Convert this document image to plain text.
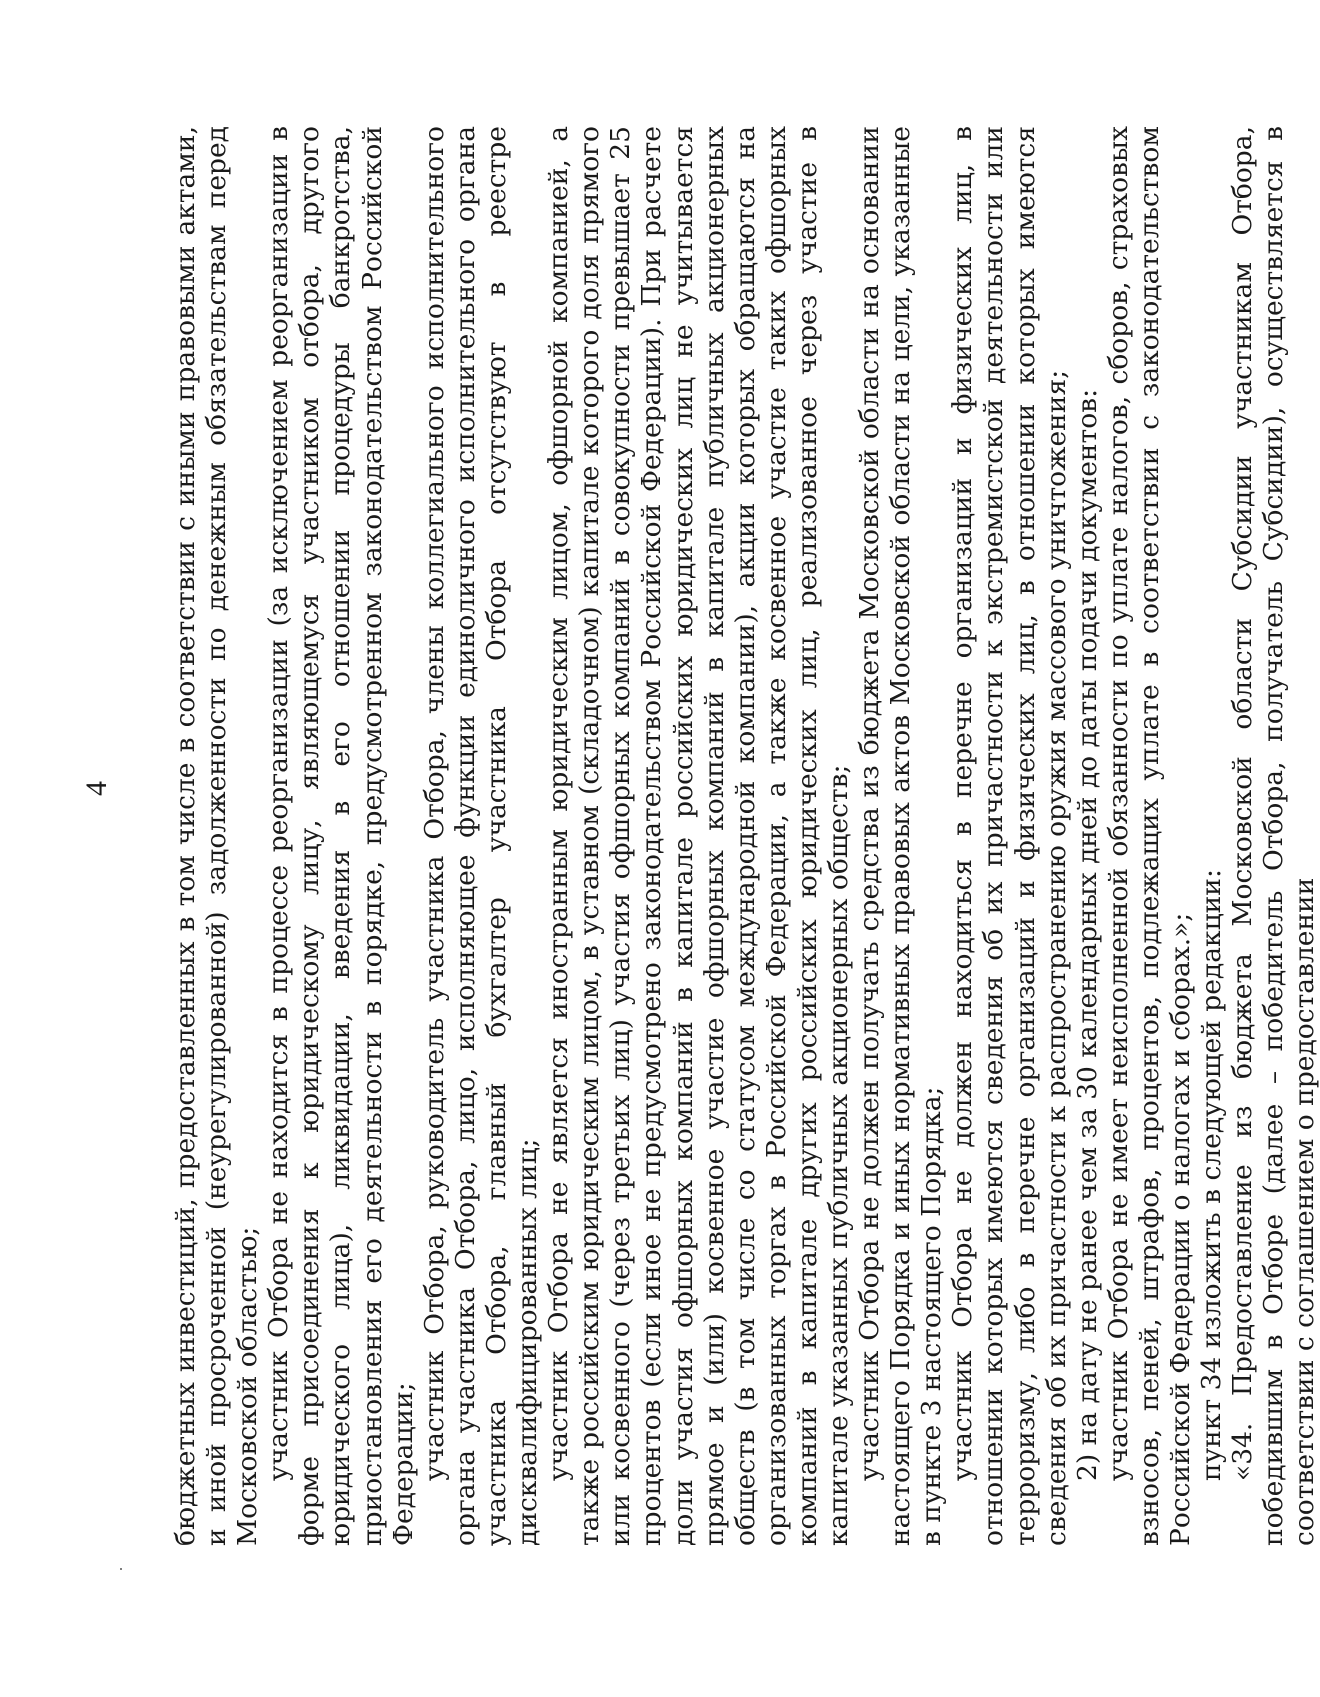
4 бюджетных инвестиций, предоставленных в том числе в соответствии с иными правовыми актами, и иной просроченной (неурегулированной) задолженности по денежным обязательствам перед Московской областью; участник Отбора не находится в процессе реорганизации (за исключением реорганизации в форме присоединения к юридическому лицу, являющемуся участником отбора, другого юридического лица), ликвидации, введения в его отношении процедуры банкротства, приостановления его деятельности в порядке, предусмотренном законодательством Российской Федерации; участник Отбора, руководитель участника Отбора, члены коллегиального исполнительного органа участника Отбора, лицо, исполняющее функции единоличного исполнительного органа участника Отбора, главный бухгалтер участника Отбора отсутствуют в реестре дисквалифицированных лиц; участник Отбора не является иностранным юридическим лицом, офшорной компанией, а также российским юридическим лицом, в уставном (складочном) капитале которого доля прямого или косвенного (через третьих лиц) участия офшорных компаний в совокупности превышает 25 процентов (если иное не предусмотрено законодательством Российской Федерации). При расчете доли участия офшорных компаний в капитале российских юридических лиц не учитывается прямое и (или) косвенное участие офшорных компаний в капитале публичных акционерных обществ (в том числе со статусом международной компании), акции которых обращаются на организованных торгах в Российской Федерации, а также косвенное участие таких офшорных компаний в капитале других российских юридических лиц, реализованное через участие в капитале указанных публичных акционерных обществ; участник Отбора не должен получать средства из бюджета Московской области на основании настоящего Порядка и иных нормативных правовых актов Московской области на цели, указанные в пункте 3 настоящего Порядка; участник Отбора не должен находиться в перечне организаций и физических лиц, в отношении которых имеются сведения об их причастности к экстремистской деятельности или терроризму, либо в перечне организаций и физических лиц, в отношении которых имеются сведения об их причастности к распространению оружия массового уничтожения; 2) на дату не ранее чем за 30 календарных дней до даты подачи документов: участник Отбора не имеет неисполненной обязанности по уплате налогов, сборов, страховых взносов, пеней, штрафов, процентов, подлежащих уплате в соответствии с законодательством Российской Федерации о налогах и сборах.»; пункт 34 изложить в следующей редакции: «34. Предоставление из бюджета Московской области Субсидии участникам Отбора, победившим в Отборе (далее – победитель Отбора, получатель Субсидии), осуществляется в соответствии с соглашением о предоставлении
